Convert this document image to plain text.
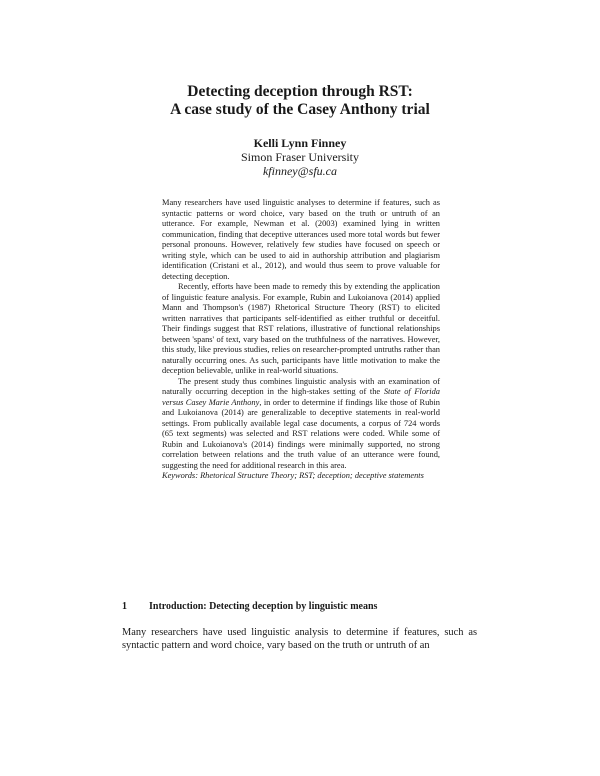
Detecting deception through RST:
A case study of the Casey Anthony trial
Kelli Lynn Finney
Simon Fraser University
kfinney@sfu.ca

Many researchers have used linguistic analyses to determine if features, such as syntactic patterns or word choice, vary based on the truth or untruth of an utterance. For example, Newman et al. (2003) examined lying in written communication, finding that deceptive utterances used more total words but fewer personal pronouns. However, relatively few studies have focused on speech or writing style, which can be used to aid in authorship attribution and plagiarism identification (Cristani et al., 2012), and would thus seem to prove valuable for detecting deception.

Recently, efforts have been made to remedy this by extending the application of linguistic feature analysis. For example, Rubin and Lukoianova (2014) applied Mann and Thompson's (1987) Rhetorical Structure Theory (RST) to elicited written narratives that participants self-identified as either truthful or deceitful. Their findings suggest that RST relations, illustrative of functional relationships between 'spans' of text, vary based on the truthfulness of the narratives. However, this study, like previous studies, relies on researcher-prompted untruths rather than naturally occurring ones. As such, participants have little motivation to make the deception believable, unlike in real-world situations.

The present study thus combines linguistic analysis with an examination of naturally occurring deception in the high-stakes setting of the State of Florida versus Casey Marie Anthony, in order to determine if findings like those of Rubin and Lukoianova (2014) are generalizable to deceptive statements in real-world settings. From publically available legal case documents, a corpus of 724 words (65 text segments) was selected and RST relations were coded. While some of Rubin and Lukoianova's (2014) findings were minimally supported, no strong correlation between relations and the truth value of an utterance were found, suggesting the need for additional research in this area.

Keywords: Rhetorical Structure Theory; RST; deception; deceptive statements

1 Introduction: Detecting deception by linguistic means

Many researchers have used linguistic analysis to determine if features, such as syntactic pattern and word choice, vary based on the truth or untruth of an
